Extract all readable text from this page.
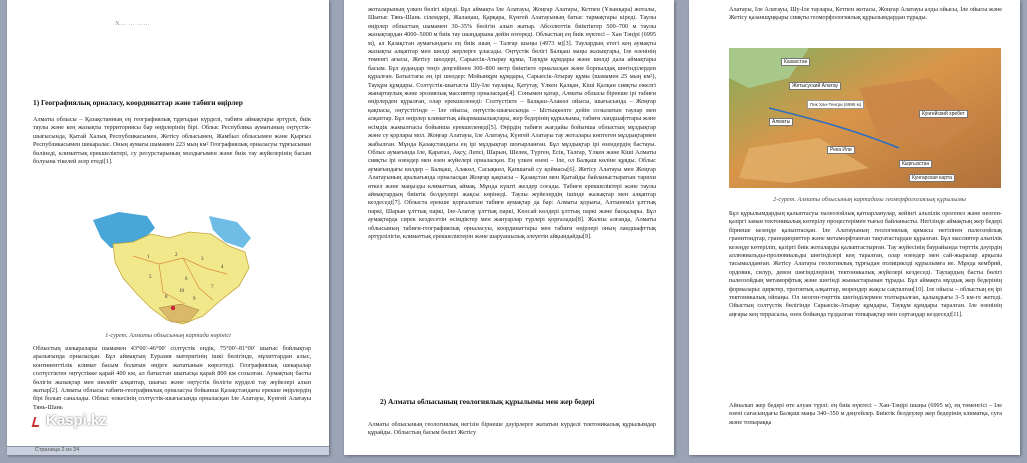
Х... ... ......

1) Географиялық орналасу, координаттар және табиғи өңірлер

Алматы облысы – Қазақстанның ең географиялық тұрғыдан күрделі, табиғи аймақтары әртүрлі, биік таулы және кең жазықты территориясы бар өңірлерінің бірі. Облыс Республика аумағының оңтүстік-шығысында, Қытай Халық Республикасымен, Жетісу облысымен, Жамбыл облысымен және Қырғыз Республикасымен шекаралас. Оның аумағы шамамен 223 мың км² Географиялық орналасуы тұрғысынан бөлінеді, климаттық ерекшеліктері, су ресурстарының молдығымен және биік тау жүйелерінің басым болуына тікелей әсер етеді[1].

1	2
3
4
5	6
7
8	9
10

1-сурет. Алматы облысының картада көрінісі

Облыстың шекаралары шамамен 43°00'–46°00' солтүстік ендік, 75°00'–81°00' шығыс бойлықтар аралығында орналасқан. Бұл аймақтың Еуразия материгінің ішкі бөлігінде, мұхиттардан алыс, континенттілік климат басым болатын өңірге жататынын көрсетеді. Географиялық шекаралар солтүстіктен оңтүстікке қарай 400 км, ал батыстан шығысқа қарай 800 км созылған. Аумақтың басты бөлігін жазықтар мен шөлейт алқаптар, шығыс және оңтүстік бөлігін күрделі тау жүйелері алып жатыр[2]. Алматы облысы табиғи-географиялық орналасуы бойынша Қазақстандағы ерекше өңірлердің бірі болып саналады. Облыс өлкесінің солтүстік-шығысында орналасқан Іле Алатауы, Күнгей Алатауы Тянь-Шань

Kaspi.kz
Страница 2 из 34

жоталарының үлкен бөлігі кіреді. Бұл аймақта Іле Алатауы, Жоңғар Алатауы, Кетпен (Ұзынқара) жоталы, Шығыс Тянь-Шань сілемдері, Жалаңаш, Қарқара, Күнгей Алатауының батыс тармақтары кіреді. Таулы өңірлер облыстың шамамен 30–35% бөлігін алып жатыр. Абсолюттік биіктіктер 500–700 м таулы жазықтардан 4000–5000 м биік тау шыңдарына дейін өзгереді. Облыстың ең биік нүктесі – Хан Тәңірі (6995 м), ал Қазақстан аумағындағы ең биік шың – Талғар шыңы (4973 м)[3]. Таулардың етегі кең аумақты жазықты алқаптар мен шөлді жерлерге ұласады. Оңтүстік бөлігі Балқаш маңы жазықтары, Іле өзенінің төменгі ағысы, Жетісу шөлдері, Сарыесік-Атырау құмы, Тауқұм құмдары және шөлді дала аймақтары басым. Бұл аудандар теңіз деңгейінен 300–800 метр биіктікте орналасқан және борпылдақ шөгінділерден құралған. Батыстағы ең ірі шөлдер: Мойынқұм құмдары, Сарыесік-Атырау құмы (шамамен 25 мың км²), Тауқұм құмдары. Солтүстік-шығыста Шу-Іле таулары, Қатутау, Үлкен Қалқан, Кіші Қалқан сияқты ежелгі жанартаулық және эрозиялық массивтер орналасқан[4]. Сонымен қатар, Алматы облысы бірнеше ірі табиғи өңірлерден құралған, олар ерекшеленеді: Солтүстікте – Балқаш-Алакөл ойысы, шығысында – Жоңғар қақпасы, оңтүстігінде – Іле ойысы, оңтүстік-шығысында – Ыстықкөлге дейін созылатын таулар мен алқаптар. Бұл өңірлер климаттық айырмашылықтары, жер бедерінің құрылымы, табиғи ландшафттары және өсімдік жамылғысы бойынша ерекшеленеді[5]. Өңірдің табиғи жағдайы бойынша облыстың мұздықтар және су қорлары мол. Жоңғар Алатауы, Іле Алатауы, Күнгей Алатауы тау жоталары көптеген мұздықтармен жабылған. Мұнда Қазақстандағы ең ірі мұздықтар шоғырланған. Бұл мұздықтар ірі өзендердің бастауы. Облыс аумағында Іле, Қаратал, Ақсу, Лепсі, Шарын, Шелек, Түрген, Есік, Талғар, Үлкен және Кіші Алматы сияқты ірі өзендер мен өзен жүйелері орналасқан. Ең үлкен өзені – Іле, ол Балқаш көліне құяды. Облыс аумағындағы көлдер – Балқаш, Алакөл, Сасықкөл, Қапшағай су қоймасы[6]. Жетісу Алатауы мен Жоңғар Алатауының аралығында орналасқан Жоңғар қақпасы – Қазақстан мен Қытайды байланыстыратын тарихи өткел және маңызды климаттық аймақ. Мұнда күшті желдер соғады. Табиғи ерекшеліктері және таулы аймақтардың биіктік белдеулері жақсы көрінеді. Таулы жүйелердің ішінде жазықтар мен алқаптар кездеседі[7]. Облыста ерекше қорғалатын табиғи аумақтар да бар: Алматы қорығы, Алтынеміл ұлттық паркі, Шарын ұлттық паркі, Іле-Алатау ұлттық паркі, Көлсай көлдері ұлттық паркі және басқалары. Бұл аумақтарда сирек кездесетін өсімдіктер мен жануарлар түрлері қорғалады[8]. Жалпы алғанда, Алматы облысының табиғи-географиялық орналасуы, координаттары мен табиғи өңірлері оның ландшафттық әртүрлілігін, климаттық ерекшеліктерін және шаруашылық әлеуетін айқындайды[9].

2) Алматы облысының геологиялық құрылымы мен жер бедері

Алматы облысының геологиялық негізін бірнеше дәуірлерге жататын күрделі тектоникалық құрылымдар құрайды. Облыстың басым бөлігі Жетісу

Алатауы, Іле Алатауы, Шу-Іле таулары, Кетпен жотасы, Жоңғар Алатауы алды ойысы, Іле ойысы және Жетісу қазаншұңқыры сияқты геоморфологиялық құрылымдардан тұрады.

Казахстан
Алматы
Жетысуский Алатау
Река Или
Кыргызстан
Кунгейский хребет
Кунгарская карта
Пик Хан-Тенгри (6995 м)

2-сурет. Алматы облысының картадағы геоморфологиялық құрылымы

Бұл құрылымдардың қалыптасуы палеозойлық қатпарланулар, кейінгі альпілік орогенез және неоген-қазіргі заман тектоникалық көтерілу процестерімен тығыз байланысты. Негізінде аймақтың жер бедері бірнеше кезеңде қалыптасқан. Іле Алатауының геологиялық қимасы негізінен палеозойлық гранитоидтар, гранодиориттер және метаморфтанған тақтатастардан құралған. Бұл массивтер альпілік кезеңде көтеріліп, қазіргі биік жоталарды қалыптастырған. Тау жүйесінің баурайында төрттік дәуірдің аллювиальды-пролювиальды шөгінділері кең таралған, олар өзендер мен сай-жыралар арқылы тасымалданған. Жетісу Алатауы геологиялық тұрғыдан полициклді құрылымға ие. Мұнда кембрий, ордовик, силур, девон шөгінділерінің тектоникалық жүйелері кездеседі. Таулардың басты бөлігі палеозойдың метаморфтық және шөгінді жыныстарынан тұрады. Бұл аймақта мұздық жер бедерінің формалары: цирктер, троговтық алқаптар, морендер жақсы сақталған[10]. Іле ойысы – облыстың ең ірі тектоникалық ойпаңы. Ол неоген-төрттік шөгінділермен толтырылған, қалыңдығы 3–5 км-ге жетеді. Ойыстың солтүстік бөлігінде Сарыесік-Атырау құмдары, Тауқұм құмдары таралған. Іле өзенінің аңғары кең террасалы, өзен бойында тұздалған топырақтар мен сортаңдар кездеседі[11].

Айналып жер бедері өте алуан түрлі: ең биік нүктесі – Хан-Тәңірі шыңы (6995 м), ең төменгісі – Іле өзені сағасындағы Балқаш маңы 340–350 м деңгейлер. Биіктік белдеулер жер бедерінің климатқа, суға және топыраққа
